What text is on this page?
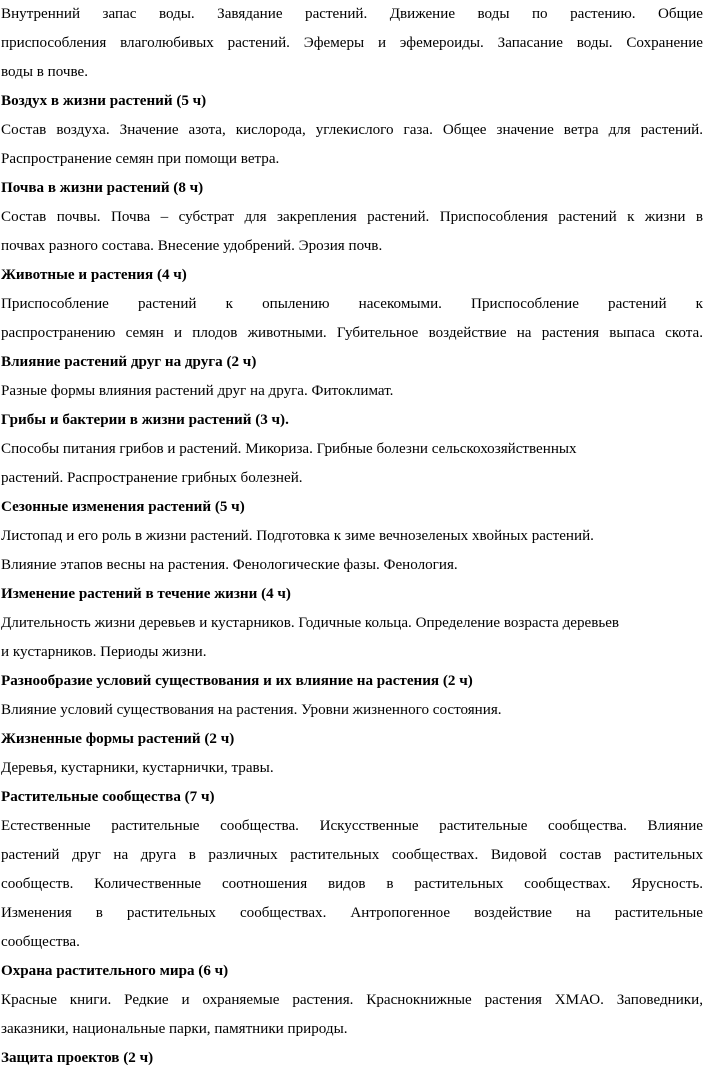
Внутренний запас воды. Завядание растений. Движение воды по растению. Общие
приспособления влаголюбивых растений. Эфемеры и эфемероиды. Запасание воды. Сохранение
воды в почве.
Воздух в жизни растений (5 ч)
Состав воздуха. Значение азота, кислорода, углекислого газа. Общее значение ветра для растений.
Распространение семян при помощи ветра.
Почва в жизни растений (8 ч)
Состав почвы. Почва – субстрат для закрепления растений. Приспособления растений к жизни в
почвах разного состава. Внесение удобрений. Эрозия почв.
Животные и растения (4 ч)
Приспособление растений к опылению насекомыми. Приспособление растений к
распространению семян и плодов животными. Губительное воздействие на растения выпаса скота.
Влияние растений друг на друга (2 ч)
Разные формы влияния растений друг на друга. Фитоклимат.
Грибы и бактерии в жизни растений (3 ч).
Способы питания грибов и растений. Микориза. Грибные болезни сельскохозяйственных
растений. Распространение грибных болезней.
Сезонные изменения растений (5 ч)
Листопад и его роль в жизни растений. Подготовка к зиме вечнозеленых хвойных растений.
Влияние этапов весны на растения. Фенологические фазы. Фенология.
Изменение растений в течение жизни (4 ч)
Длительность жизни деревьев и кустарников. Годичные кольца. Определение возраста деревьев
и кустарников. Периоды жизни.
Разнообразие условий существования и их влияние на растения (2 ч)
Влияние условий существования на растения. Уровни жизненного состояния.
Жизненные формы растений (2 ч)
Деревья, кустарники, кустарнички, травы.
Растительные сообщества (7 ч)
Естественные растительные сообщества. Искусственные растительные сообщества. Влияние
растений друг на друга в различных растительных сообществах. Видовой состав растительных
сообществ. Количественные соотношения видов в растительных сообществах. Ярусность.
Изменения в растительных сообществах. Антропогенное воздействие на растительные
сообщества.
Охрана растительного мира (6 ч)
Красные книги. Редкие и охраняемые растения. Краснокнижные растения ХМАО. Заповедники,
заказники, национальные парки, памятники природы.
Защита проектов (2 ч)
